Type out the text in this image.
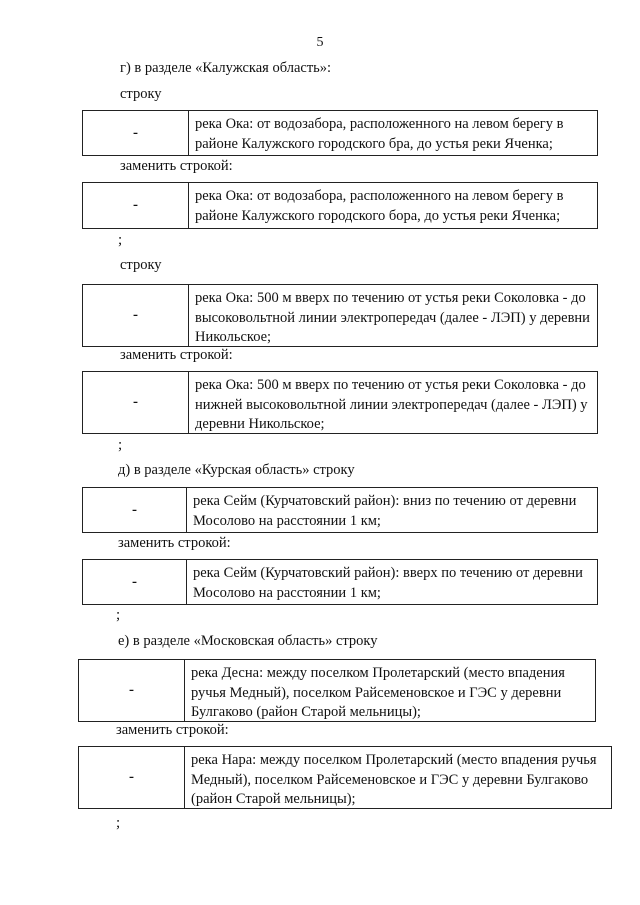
5
г) в разделе «Калужская область»:
строку
-
река Ока: от водозабора, расположенного на левом берегу в
районе Калужского городского бра, до устья реки Яченка;
заменить строкой:
-
река Ока: от водозабора, расположенного на левом берегу в
районе Калужского городского бора, до устья реки Яченка;
;
строку
-
река Ока: 500 м вверх по течению от устья реки Соколовка - до
высоковольтной линии электропередач (далее - ЛЭП) у деревни
Никольское;
заменить строкой:
-
река Ока: 500 м вверх по течению от устья реки Соколовка - до
нижней высоковольтной линии электропередач (далее - ЛЭП) у
деревни Никольское;
;
д) в разделе «Курская область» строку
-
река Сейм (Курчатовский район): вниз по течению от деревни
Мосолово на расстоянии 1 км;
заменить строкой:
-
река Сейм (Курчатовский район): вверх по течению от деревни
Мосолово на расстоянии 1 км;
;
е) в разделе «Московская область» строку
-
река Десна: между поселком Пролетарский (место впадения
ручья Медный), поселком Райсеменовское и ГЭС у деревни
Булгаково (район Старой мельницы);
заменить строкой:
-
река Нара: между поселком Пролетарский (место впадения ручья
Медный), поселком Райсеменовское и ГЭС у деревни Булгаково
(район Старой мельницы);
;
